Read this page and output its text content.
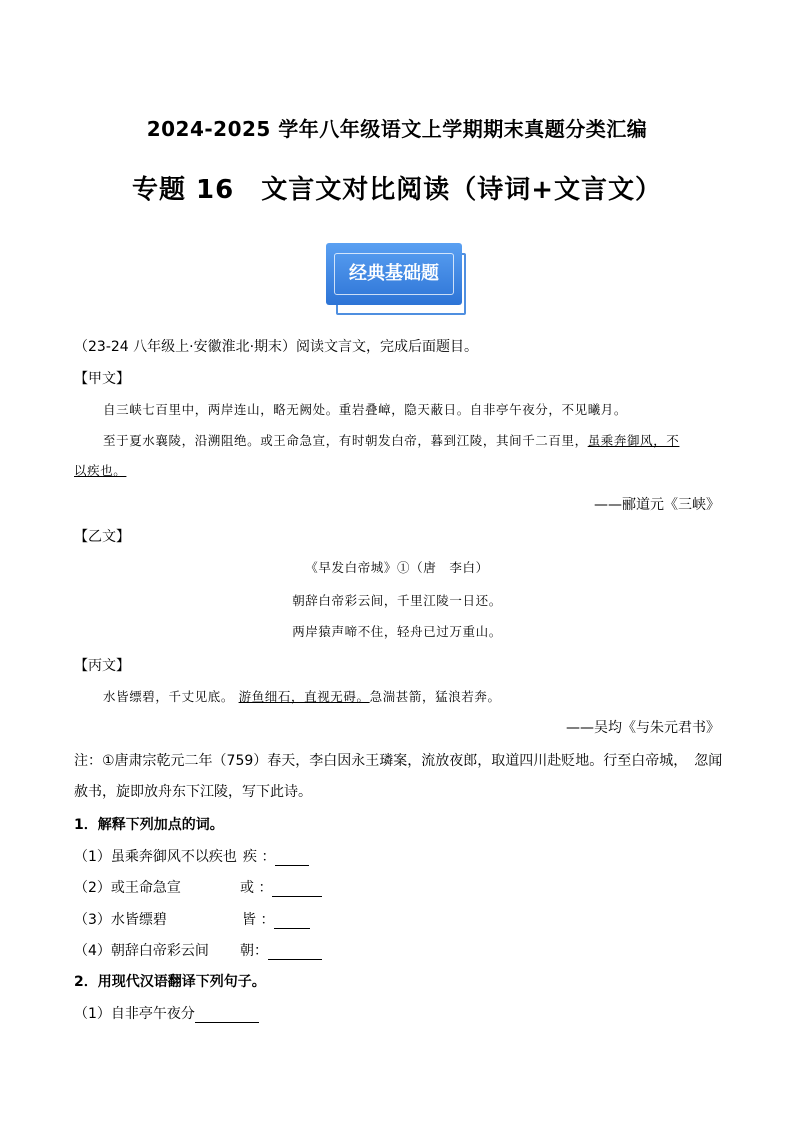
2024-2025 学年八年级语文上学期期末真题分类汇编
专题 16　文言文对比阅读（诗词+文言文）
经典基础题
（23-24 八年级上·安徽淮北·期末）阅读文言文，完成后面题目。
【甲文】
自三峡七百里中，两岸连山，略无阙处。重岩叠嶂，隐天蔽日。自非亭午夜分，不见曦月。
至于夏水襄陵，沿溯阻绝。或王命急宣，有时朝发白帝，暮到江陵，其间千二百里，虽乘奔御风，不
以疾也。
——郦道元《三峡》
【乙文】
《早发白帝城》①（唐　李白）
朝辞白帝彩云间，千里江陵一日还。
两岸猿声啼不住，轻舟已过万重山。
【丙文】
水皆缥碧，千丈见底。 游鱼细石，直视无碍。急湍甚箭，猛浪若奔。
——吴均《与朱元君书》
注：①唐肃宗乾元二年（759）春天，李白因永王璘案，流放夜郎，取道四川赴贬地。行至白帝城，　忽闻
赦书，旋即放舟东下江陵，写下此诗。
1．解释下列加点的词。
（1）虽乘奔御风不以疾也 疾 ：
（2）或王命急宣	或 ：
（3）水皆缥碧	皆 ：
（4）朝辞白帝彩云间 朝：
2．用现代汉语翻译下列句子。
（1）自非亭午夜分
